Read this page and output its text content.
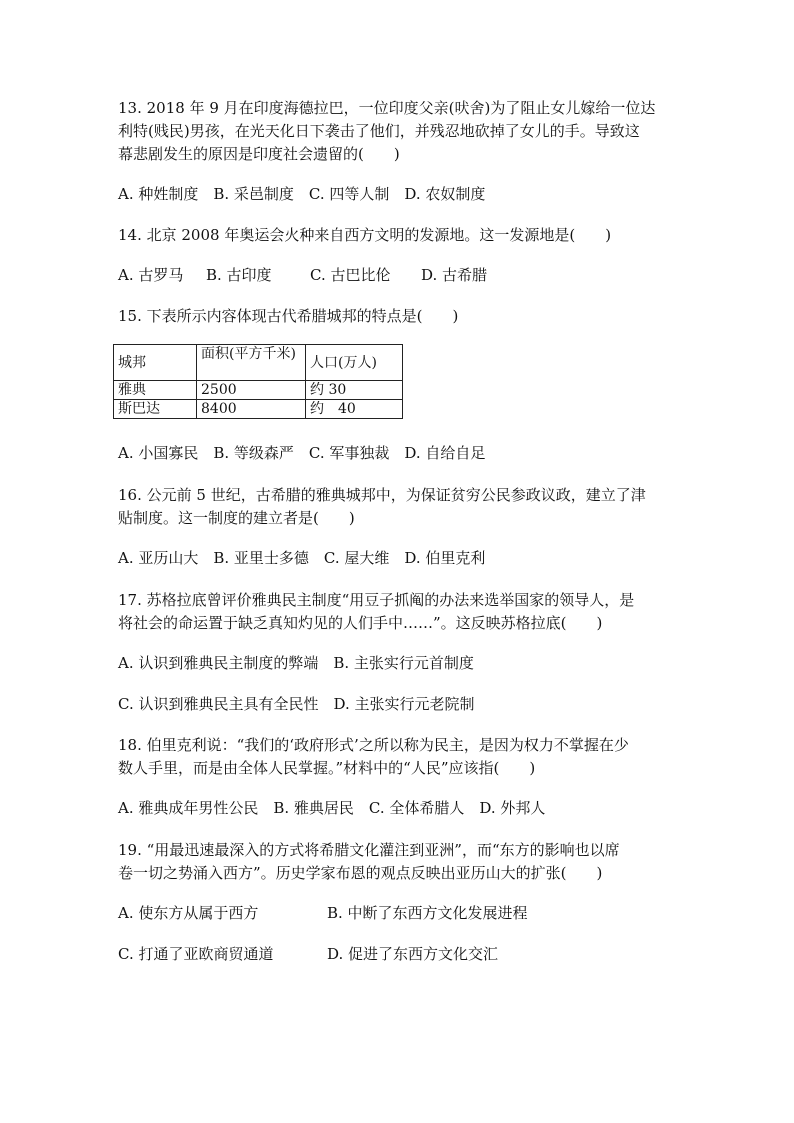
13. 2018 年 9 月在印度海德拉巴，一位印度父亲(吠舍)为了阻止女儿嫁给一位达
利特(贱民)男孩，在光天化日下袭击了他们，并残忍地砍掉了女儿的手。导致这
幕悲剧发生的原因是印度社会遗留的(　　)
A. 种姓制度　B. 采邑制度　C. 四等人制　D. 农奴制度
14. 北京 2008 年奥运会火种来自西方文明的发源地。这一发源地是(　　)
A. 古罗马 B. 古印度	C. 古巴比伦 D. 古希腊
15. 下表所示内容体现古代希腊城邦的特点是(　　)
城邦	面积(平方千米)	人口(万人)
雅典	2500	约 30
斯巴达	8400	约　40
A. 小国寡民　B. 等级森严　C. 军事独裁　D. 自给自足
16. 公元前 5 世纪，古希腊的雅典城邦中，为保证贫穷公民参政议政，建立了津
贴制度。这一制度的建立者是(　　)
A. 亚历山大　B. 亚里士多德　C. 屋大维　D. 伯里克利
17. 苏格拉底曾评价雅典民主制度“用豆子抓阄的办法来选举国家的领导人，是
将社会的命运置于缺乏真知灼见的人们手中……”。这反映苏格拉底(　　)
A. 认识到雅典民主制度的弊端　B. 主张实行元首制度
C. 认识到雅典民主具有全民性　D. 主张实行元老院制
18. 伯里克利说：“我们的‘政府形式’之所以称为民主，是因为权力不掌握在少
数人手里，而是由全体人民掌握。”材料中的“人民”应该指(　　)
A. 雅典成年男性公民　B. 雅典居民　C. 全体希腊人　D. 外邦人
19. “用最迅速最深入的方式将希腊文化灌注到亚洲”，而“东方的影响也以席
卷一切之势涌入西方”。历史学家布恩的观点反映出亚历山大的扩张(　　)
A. 使东方从属于西方	B. 中断了东西方文化发展进程
C. 打通了亚欧商贸通道	D. 促进了东西方文化交汇
